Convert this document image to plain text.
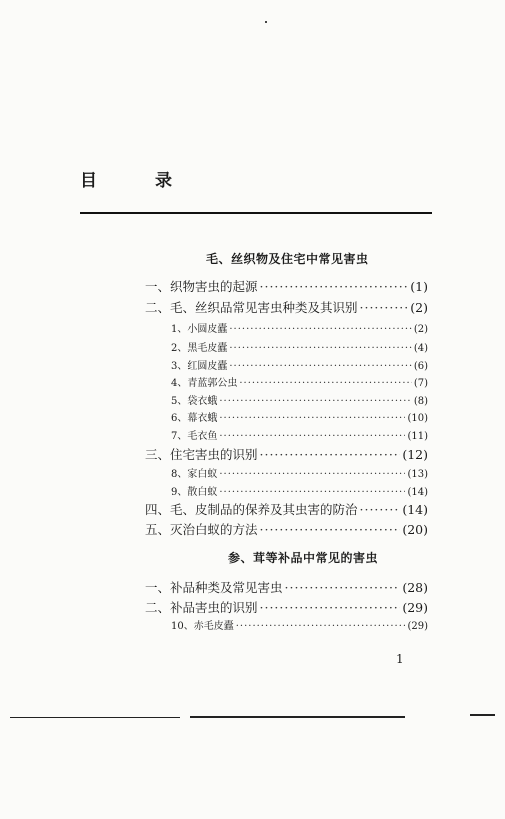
目	录
毛、丝织物及住宅中常见害虫
一、织物害虫的起源 ·····	(1)
二、毛、丝织品常见害虫种类及其识别 ·····	(2)
1、小圆皮蠹 ·····	(2)
2、黑毛皮蠹 ·····	(4)
3、红圆皮蠹 ·····	(6)
4、青蓝郭公虫 ·····	(7)
5、袋衣蛾 ·····	(8)
6、幕衣蛾 ·····	(10)
7、毛衣鱼 ·····	(11)
三、住宅害虫的识别 ·····	(12)
8、家白蚁 ·····	(13)
9、散白蚁 ·····	(14)
四、毛、皮制品的保养及其虫害的防治 ·····	(14)
五、灭治白蚁的方法 ·····	(20)
参、茸等补品中常见的害虫
一、补品种类及常见害虫 ·····	(28)
二、补品害虫的识别 ·····	(29)
10、赤毛皮蠹 ·····	(29)
1
